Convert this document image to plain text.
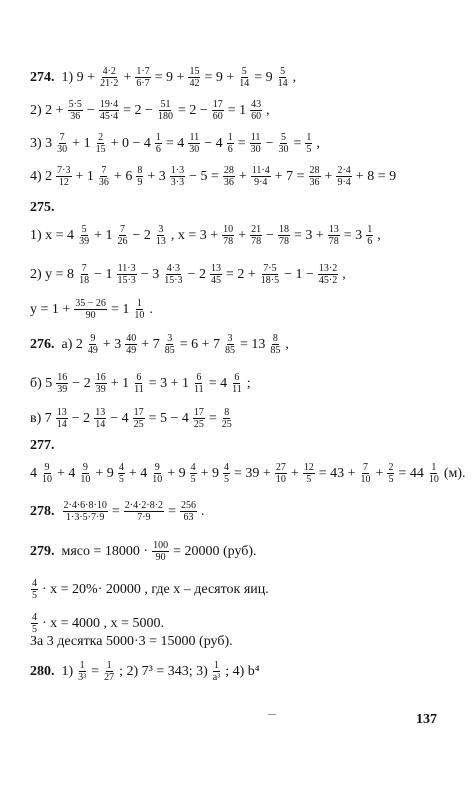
274. 1) $9 + \frac{4\cdot 2}{21\cdot 2} + \frac{1\cdot 7}{6\cdot 7} = 9 + \frac{15}{42} = 9 + \frac{5}{14} = 9 \frac{5}{14}$ ,
2) $2 + \frac{5\cdot 5}{36} - \frac{19\cdot 4}{45\cdot 4} = 2 - \frac{51}{180} = 2 - \frac{17}{60} = 1 \frac{43}{60}$ ,
3) $3 \frac{7}{30} + 1 \frac{2}{15} + 0 - 4 \frac{1}{6} = 4 \frac{11}{30} - 4 \frac{1}{6} = \frac{11}{30} - \frac{5}{30} = \frac{1}{5}$ ,
4) $2 \frac{7\cdot 3}{12} + 1 \frac{7}{36} + 6 \frac{8}{9} + 3 \frac{1\cdot 3}{3\cdot 3} - 5 = \frac{28}{36} + \frac{11\cdot 4}{9\cdot 4} + 7 = \frac{28}{36} + \frac{2\cdot 4}{9\cdot 4} + 8 = 9$
275.
1) $x = 4 \frac{5}{39} + 1 \frac{7}{26} - 2 \frac{3}{13}$ , $x = 3 + \frac{10}{78} + \frac{21}{78} - \frac{18}{78} = 3 + \frac{13}{78} = 3 \frac{1}{6}$ ,
2) $y = 8 \frac{7}{18} - 1 \frac{11\cdot 3}{15\cdot 3} - 3 \frac{4\cdot 3}{15\cdot 3} - 2 \frac{13}{45} = 2 + \frac{7\cdot 5}{18\cdot 5} - 1 - \frac{13\cdot 2}{45\cdot 2}$ ,
$y = 1 + \frac{35 - 26}{90} = 1 \frac{1}{10}$ .
276. а) $2 \frac{9}{49} + 3 \frac{40}{49} + 7 \frac{3}{85} = 6 + 7 \frac{3}{85} = 13 \frac{8}{85}$ ,
б) $5 \frac{16}{39} - 2 \frac{16}{39} + 1 \frac{6}{11} = 3 + 1 \frac{6}{11} = 4 \frac{6}{11}$ ;
в) $7 \frac{13}{14} - 2 \frac{13}{14} - 4 \frac{17}{25} = 5 - 4 \frac{17}{25} = \frac{8}{25}$
277.
$4 \frac{9}{10} + 4 \frac{9}{10} + 9 \frac{4}{5} + 4 \frac{9}{10} + 9 \frac{4}{5} + 9 \frac{4}{5} = 39 + \frac{27}{10} + \frac{12}{5} = 43 + \frac{7}{10} + \frac{2}{5} = 44 \frac{1}{10} (м)$.
278. $\frac{2\cdot 4\cdot 6\cdot 8\cdot 10}{1\cdot 3\cdot 5\cdot 7\cdot 9} = \frac{2\cdot 4\cdot 2\cdot 8\cdot 2}{7\cdot 9} = \frac{256}{63}$ .
279. мясо = $18000 \cdot \frac{100}{90} = 20000$ (руб).
$\frac{4}{5} \cdot x = 20\%\cdot 20000$ , где x – десяток яиц.
$\frac{4}{5} \cdot x = 4000$ , x = 5000.
За 3 десятка 5000·3 = 15000 (руб).
280. $1) \frac{1}{\text{3³}} = \frac{1}{27}$ ; 2) 7³ = 343; $3) \frac{1}{\text{a³}}$ ; 4) b⁴
137
